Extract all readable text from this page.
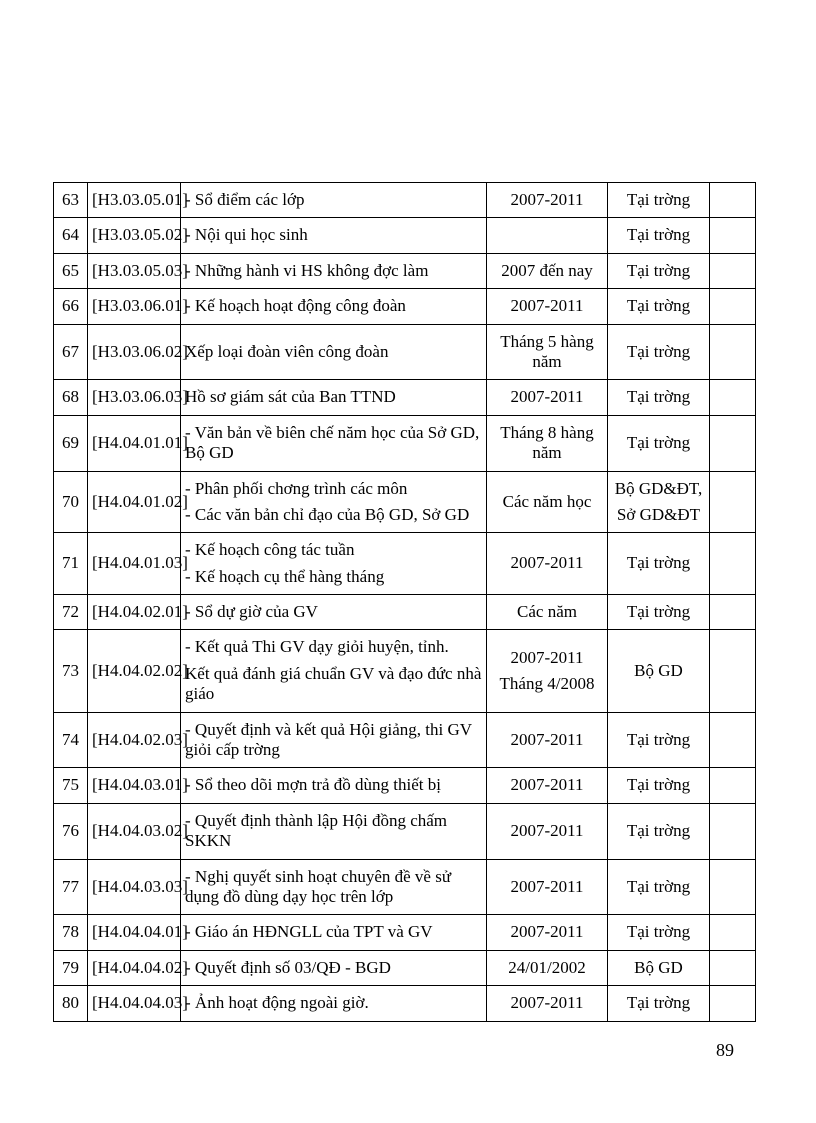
63	[H3.03.05.01]	- Sổ điểm các lớp	2007-2011	Tại trờng	

64	[H3.03.05.02]	- Nội qui học sinh		Tại trờng	

65	[H3.03.05.03]	- Những hành vi HS không đợc làm	2007 đến nay	Tại trờng	

66	[H3.03.06.01]	- Kế hoạch hoạt động công đoàn	2007-2011	Tại trờng	

67	[H3.03.06.02]	Xếp loại đoàn viên công đoàn	Tháng 5 hàng năm	Tại trờng	

68	[H3.03.06.03]	Hồ sơ giám sát của Ban TTND	2007-2011	Tại trờng	

69	[H4.04.01.01]	- Văn bản về biên chế năm học của Sở GD, Bộ GD	Tháng 8 hàng năm	Tại trờng	

70	[H4.04.01.02]	- Phân phối chơng trình các môn
- Các văn bản chỉ đạo của Bộ GD, Sở GD	Các năm học	Bộ GD&ĐT,
Sở GD&ĐT	

71	[H4.04.01.03]	- Kế hoạch công tác tuần
- Kế hoạch cụ thể hàng tháng	2007-2011	Tại trờng	

72	[H4.04.02.01]	- Sổ dự giờ của GV	Các năm	Tại trờng	

73	[H4.04.02.02]	- Kết quả Thi GV dạy giỏi huyện, tỉnh.
Kết quả đánh giá chuẩn GV và đạo đức nhà giáo	2007-2011
Tháng 4/2008	Bộ GD	

74	[H4.04.02.03]	- Quyết định và kết quả Hội giảng, thi GV giỏi cấp trờng	2007-2011	Tại trờng	

75	[H4.04.03.01]	- Sổ theo dõi mợn trả đồ dùng thiết bị	2007-2011	Tại trờng	

76	[H4.04.03.02]	- Quyết định thành lập Hội đồng chấm SKKN	2007-2011	Tại trờng	

77	[H4.04.03.03]	- Nghị quyết sinh hoạt chuyên đề về sử dụng đồ dùng dạy học trên lớp	2007-2011	Tại trờng	

78	[H4.04.04.01]	- Giáo án HĐNGLL của TPT và GV	2007-2011	Tại trờng	

79	[H4.04.04.02]	- Quyết định số 03/QĐ - BGD	24/01/2002	Bộ GD	

80	[H4.04.04.03]	- Ảnh hoạt động ngoài giờ.	2007-2011	Tại trờng	

89
